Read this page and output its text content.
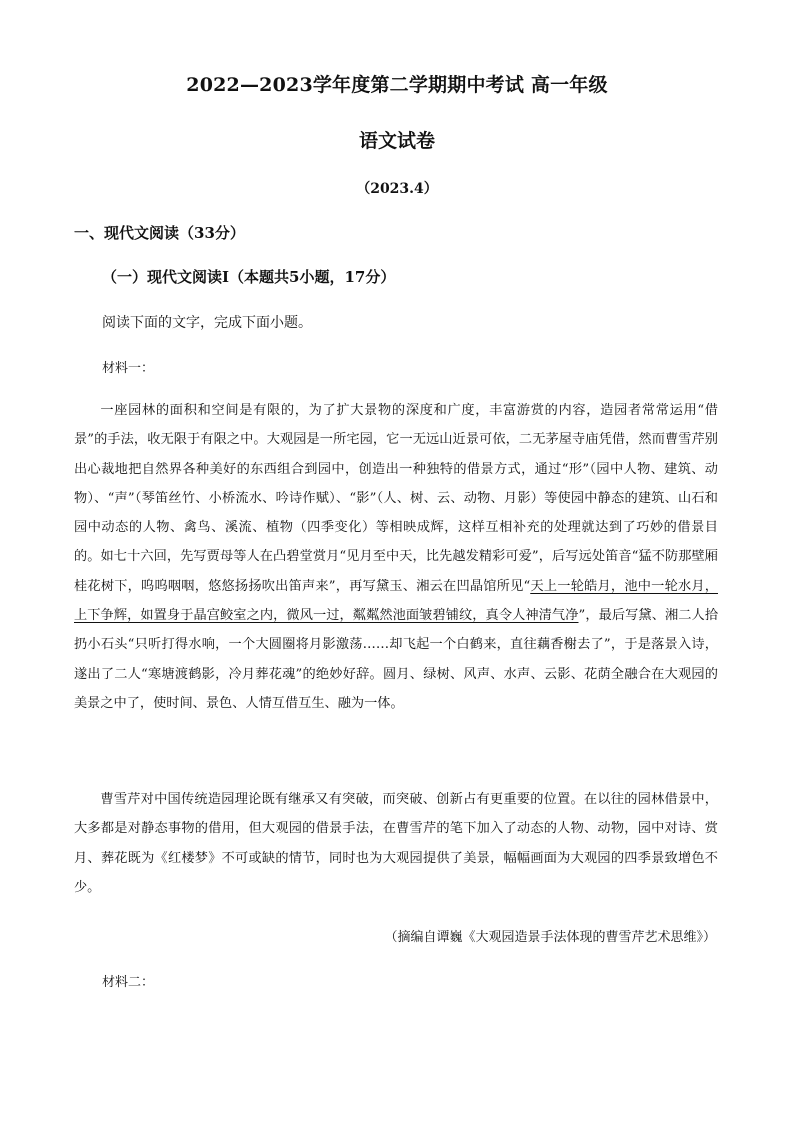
2022—2023学年度第二学期期中考试 高一年级
语文试卷
（2023.4）
一、现代文阅读（33分）
（一）现代文阅读Ⅰ（本题共5小题，17分）
阅读下面的文字，完成下面小题。
材料一：

一座园林的面积和空间是有限的，为了扩大景物的深度和广度，丰富游赏的内容，造园者常常运用“借景”的手法，收无限于有限之中。大观园是一所宅园，它一无远山近景可依，二无茅屋寺庙凭借，然而曹雪芹别出心裁地把自然界各种美好的东西组合到园中，创造出一种独特的借景方式，通过“形”（园中人物、建筑、动物）、“声”（琴笛丝竹、小桥流水、吟诗作赋）、“影”（人、树、云、动物、月影）等使园中静态的建筑、山石和园中动态的人物、禽鸟、溪流、植物（四季变化）等相映成辉，这样互相补充的处理就达到了巧妙的借景目的。如七十六回，先写贾母等人在凸碧堂赏月“见月至中天，比先越发精彩可爱”，后写远处笛音“猛不防那壁厢桂花树下，呜呜咽咽，悠悠扬扬吹出笛声来”，再写黛玉、湘云在凹晶馆所见“天上一轮皓月，池中一轮水月，上下争辉，如置身于晶宫鲛室之内，微风一过，粼粼然池面皱碧铺纹，真令人神清气净”，最后写黛、湘二人拾扔小石头“只听打得水响，一个大圆圈将月影激荡……却飞起一个白鹤来，直往藕香榭去了”，于是落景入诗，遂出了二人“寒塘渡鹤影，冷月葬花魂”的绝妙好辞。圆月、绿树、风声、水声、云影、花荫全融合在大观园的美景之中了，使时间、景色、人情互借互生、融为一体。

曹雪芹对中国传统造园理论既有继承又有突破，而突破、创新占有更重要的位置。在以往的园林借景中，大多都是对静态事物的借用，但大观园的借景手法，在曹雪芹的笔下加入了动态的人物、动物，园中对诗、赏月、葬花既为《红楼梦》不可或缺的情节，同时也为大观园提供了美景，幅幅画面为大观园的四季景致增色不少。

（摘编自谭巍《大观园造景手法体现的曹雪芹艺术思维》）
材料二：
